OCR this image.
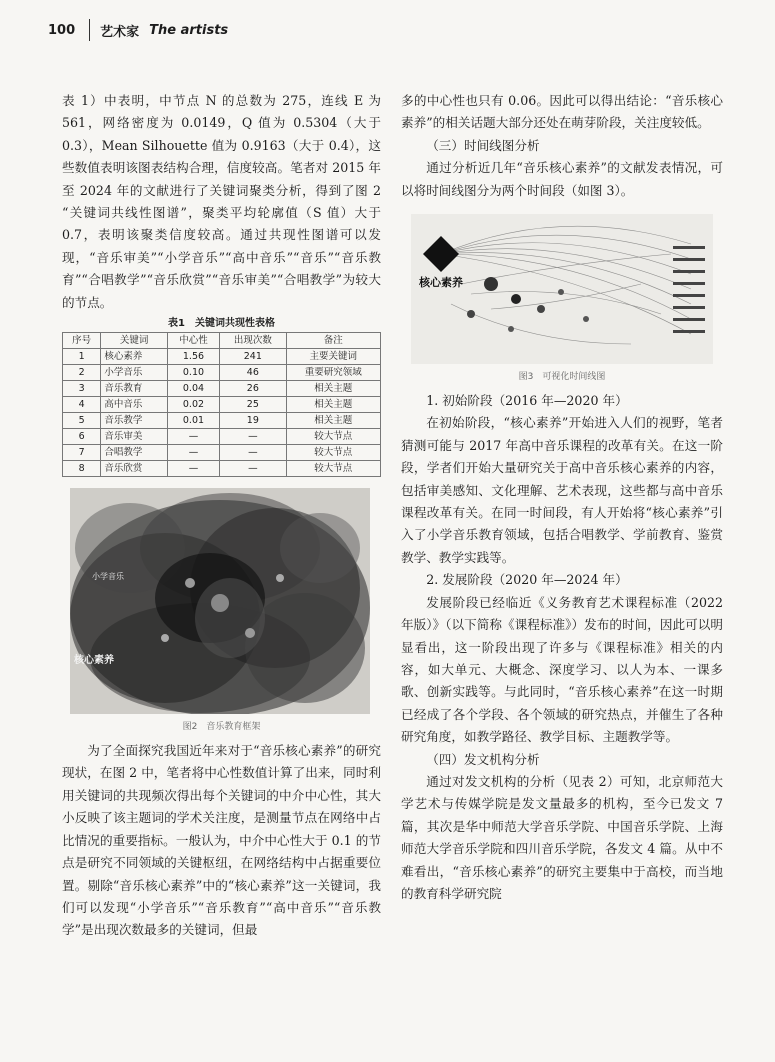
100 艺术家 The artists

表 1）中表明，中节点 N 的总数为 275，连线 E 为 561，网络密度为 0.0149，Q 值为 0.5304（大于 0.3），Mean Silhouette 值为 0.9163（大于 0.4），这些数值表明该图表结构合理，信度较高。笔者对 2015 年至 2024 年的文献进行了关键词聚类分析，得到了图 2 “关键词共线性图谱”，聚类平均轮廓值（S 值）大于 0.7，表明该聚类信度较高。通过共现性图谱可以发现，“音乐审美”“小学音乐”“高中音乐”“音乐”“音乐教育”“合唱教学”“音乐欣赏”“音乐审美”“合唱教学”为较大的节点。

表1　关键词共现性表格
序号	关键词	中心性	出现次数	备注
1	核心素养	1.56	241	主要关键词
2	小学音乐	0.10	46	重要研究领域
3	音乐教育	0.04	26	相关主题
4	高中音乐	0.02	25	相关主题
5	音乐教学	0.01	19	相关主题
6	音乐审美	—	—	较大节点
7	合唱教学	—	—	较大节点
8	音乐欣赏	—	—	较大节点
核心素养
小学音乐
图2　音乐教育框架

为了全面探究我国近年来对于“音乐核心素养”的研究现状，在图 2 中，笔者将中心性数值计算了出来，同时利用关键词的共现频次得出每个关键词的中介中心性，其大小反映了该主题词的学术关注度，是测量节点在网络中占比情况的重要指标。一般认为，中介中心性大于 0.1 的节点是研究不同领域的关键枢纽，在网络结构中占据重要位置。剔除“音乐核心素养”中的“核心素养”这一关键词，我们可以发现“小学音乐”“音乐教育”“高中音乐”“音乐教学”是出现次数最多的关键词，但最

多的中心性也只有 0.06。因此可以得出结论：“音乐核心素养”的相关话题大部分还处在萌芽阶段，关注度较低。

（三）时间线图分析

通过分析近几年“音乐核心素养”的文献发表情况，可以将时间线图分为两个时间段（如图 3）。

核心素养
图3　可视化时间线图

1. 初始阶段（2016 年—2020 年）

在初始阶段，“核心素养”开始进入人们的视野，笔者猜测可能与 2017 年高中音乐课程的改革有关。在这一阶段，学者们开始大量研究关于高中音乐核心素养的内容，包括审美感知、文化理解、艺术表现，这些都与高中音乐课程改革有关。在同一时间段，有人开始将“核心素养”引入了小学音乐教育领域，包括合唱教学、学前教育、鉴赏教学、教学实践等。

2. 发展阶段（2020 年—2024 年）

发展阶段已经临近《义务教育艺术课程标准（2022 年版）》（以下简称《课程标准》）发布的时间，因此可以明显看出，这一阶段出现了许多与《课程标准》相关的内容，如大单元、大概念、深度学习、以人为本、一课多歌、创新实践等。与此同时，“音乐核心素养”在这一时期已经成了各个学段、各个领域的研究热点，并催生了各种研究角度，如教学路径、教学目标、主题教学等。

（四）发文机构分析

通过对发文机构的分析（见表 2）可知，北京师范大学艺术与传媒学院是发文量最多的机构，至今已发文 7 篇，其次是华中师范大学音乐学院、中国音乐学院、上海师范大学音乐学院和四川音乐学院，各发文 4 篇。从中不难看出，“音乐核心素养”的研究主要集中于高校，而当地的教育科学研究院
